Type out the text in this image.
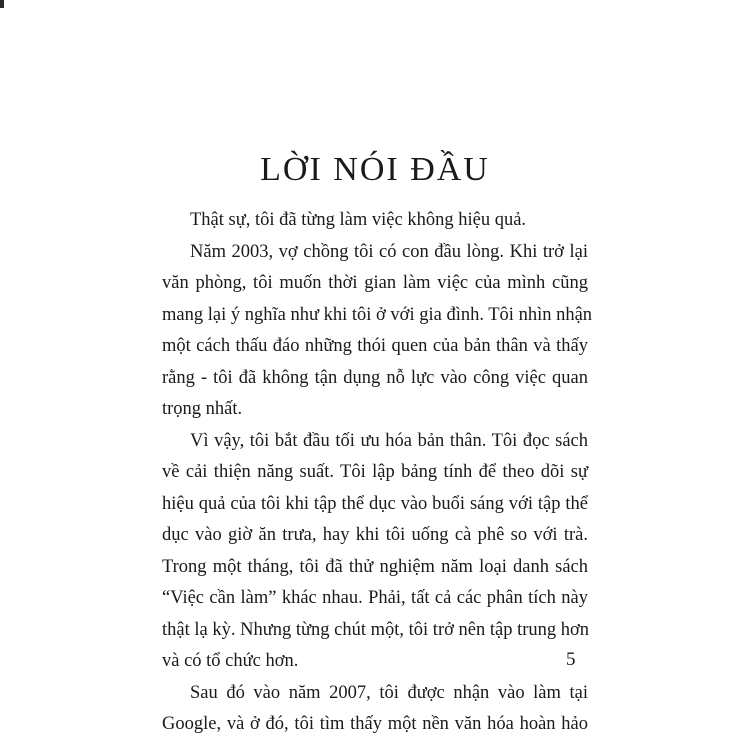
LỜI NÓI ĐẦU
Thật sự, tôi đã từng làm việc không hiệu quả.
Năm 2003, vợ chồng tôi có con đầu lòng. Khi trở lại
văn phòng, tôi muốn thời gian làm việc của mình cũng
mang lại ý nghĩa như khi tôi ở với gia đình. Tôi nhìn nhận
một cách thấu đáo những thói quen của bản thân và thấy
rằng - tôi đã không tận dụng nỗ lực vào công việc quan
trọng nhất.
Vì vậy, tôi bắt đầu tối ưu hóa bản thân. Tôi đọc sách
về cải thiện năng suất. Tôi lập bảng tính để theo dõi sự
hiệu quả của tôi khi tập thể dục vào buổi sáng với tập thể
dục vào giờ ăn trưa, hay khi tôi uống cà phê so với trà.
Trong một tháng, tôi đã thử nghiệm năm loại danh sách
“Việc cần làm” khác nhau. Phải, tất cả các phân tích này
thật lạ kỳ. Nhưng từng chút một, tôi trở nên tập trung hơn
và có tổ chức hơn.
Sau đó vào năm 2007, tôi được nhận vào làm tại
Google, và ở đó, tôi tìm thấy một nền văn hóa hoàn hảo
5
